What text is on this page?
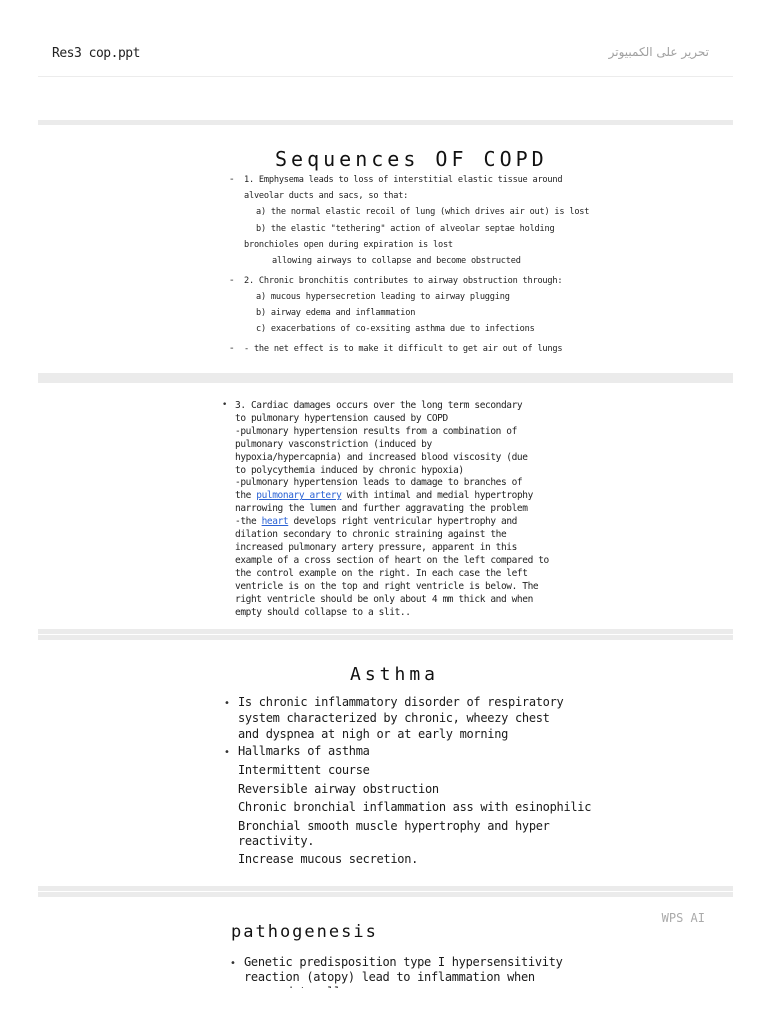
Res3 cop.ppt	تحرير على الكمبيوتر
Sequences OF COPD
- 1. Emphysema leads to loss of interstitial elastic tissue around
alveolar ducts and sacs, so that:
a) the normal elastic recoil of lung (which drives air out) is lost
b) the elastic "tethering" action of alveolar septae holding
bronchioles open during expiration is lost
allowing airways to collapse and become obstructed
- 2. Chronic bronchitis contributes to airway obstruction through:
a) mucous hypersecretion leading to airway plugging
b) airway edema and inflammation
c) exacerbations of co-exsiting asthma due to infections
- - the net effect is to make it difficult to get air out of lungs
• 3. Cardiac damages occurs over the long term secondary
to pulmonary hypertension caused by COPD
-pulmonary hypertension results from a combination of
pulmonary vasconstriction (induced by
hypoxia/hypercapnia) and increased blood viscosity (due
to polycythemia induced by chronic hypoxia)
-pulmonary hypertension leads to damage to branches of
the pulmonary artery with intimal and medial hypertrophy
narrowing the lumen and further aggravating the problem
-the heart develops right ventricular hypertrophy and
dilation secondary to chronic straining against the
increased pulmonary artery pressure, apparent in this
example of a cross section of heart on the left compared to
the control example on the right. In each case the left
ventricle is on the top and right ventricle is below. The
right ventricle should be only about 4 mm thick and when
empty should collapse to a slit..
Asthma
• Is chronic inflammatory disorder of respiratory
system characterized by chronic, wheezy chest
and dyspnea at nigh or at early morning
• Hallmarks of asthma
Intermittent course
Reversible airway obstruction
Chronic bronchial inflammation ass with esinophilic
Bronchial smooth muscle hypertrophy and hyper
reactivity.
Increase mucous secretion.
pathogenesis
WPS AI
• Genetic predisposition type I hypersensitivity
reaction (atopy) lead to inflammation when
